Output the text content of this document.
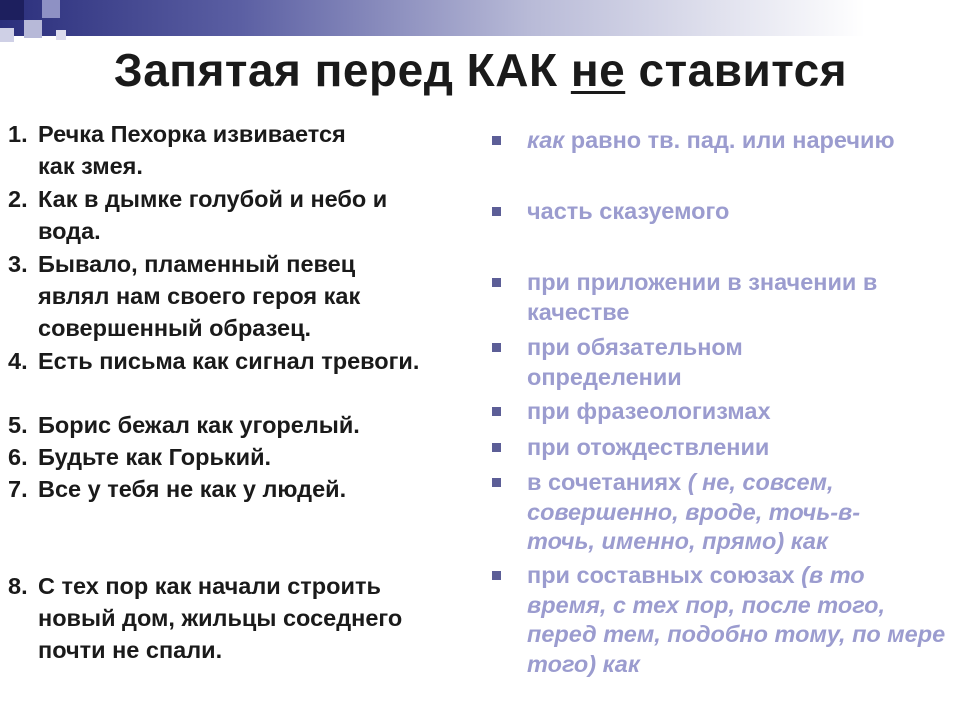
Запятая перед КАК не ставится
1. Речка Пехорка извивается как змея.
2. Как в дымке голубой и небо и вода.
3. Бывало, пламенный певец являл нам своего героя как совершенный образец.
4. Есть письма как сигнал тревоги.
5. Борис бежал как угорелый.
6. Будьте как Горький.
7. Все у тебя не как у людей.
8. С тех пор как начали строить новый дом, жильцы соседнего почти не спали.
как равно тв. пад. или наречию
часть сказуемого
при приложении в значении в качестве
при обязательном определении
при фразеологизмах
при отождествлении
в сочетаниях ( не, совсем, совершенно, вроде, точь-в-точь, именно, прямо) как
при составных союзах (в то время, с тех пор, после того, перед тем, подобно тому, по мере того) как
